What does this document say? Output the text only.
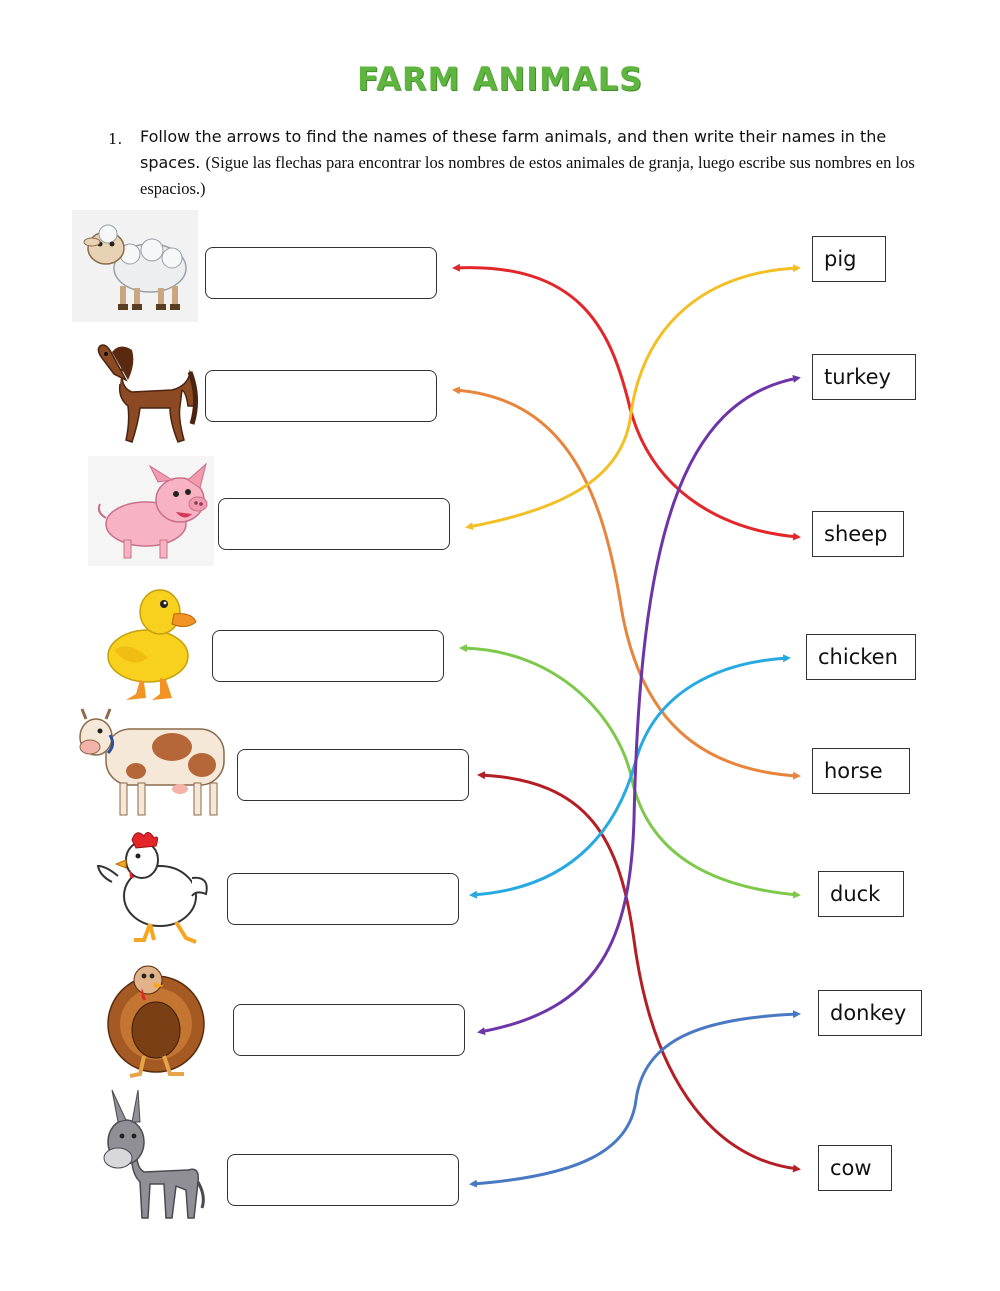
FARM ANIMALS
1. Follow the arrows to find the names of these farm animals, and then write their names in the spaces. (Sigue las flechas para encontrar los nombres de estos animales de granja, luego escribe sus nombres en los espacios.)
pig
turkey
sheep
chicken
horse
duck
donkey
cow
